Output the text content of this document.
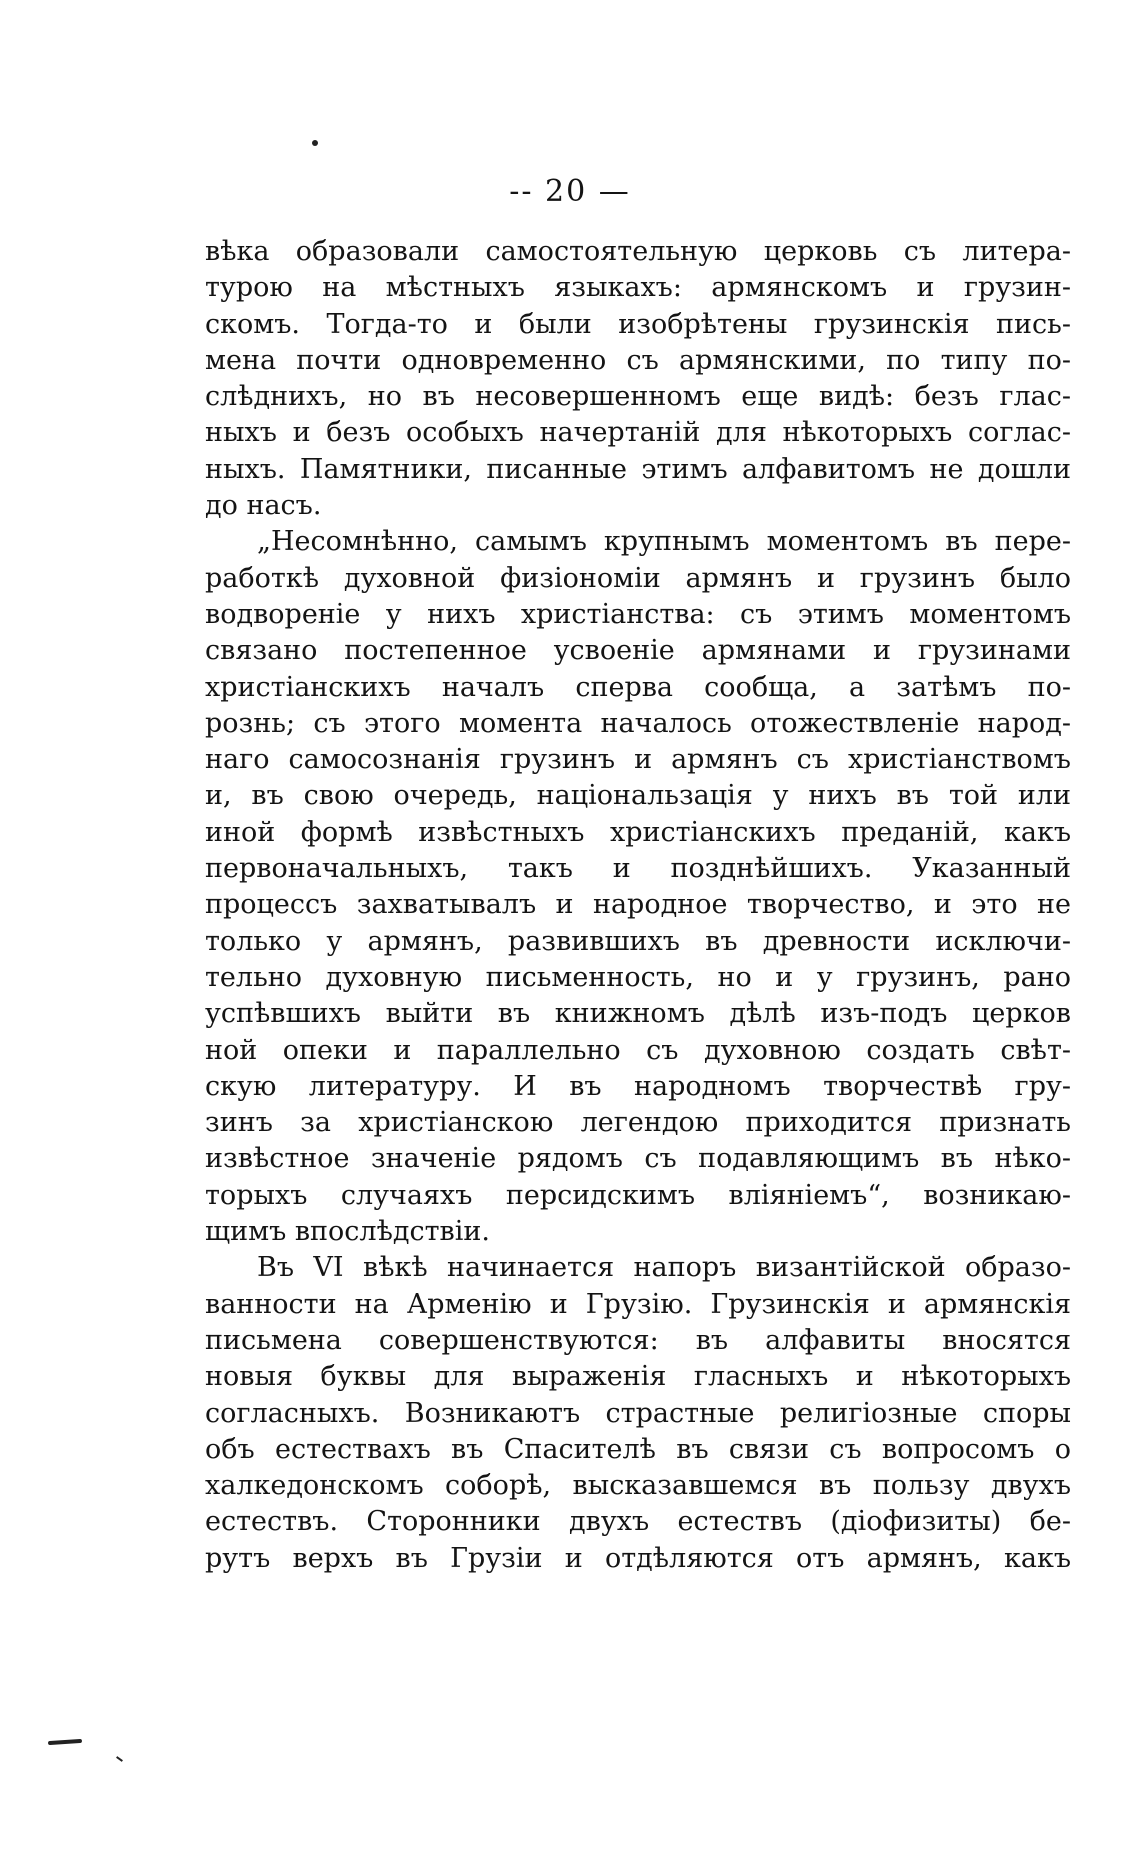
-- 20 —
вѣка образовали самостоятельную церковь съ литера-
турою на мѣстныхъ языкахъ: армянскомъ и грузин-
скомъ. Тогда-то и были изобрѣтены грузинскія пись-
мена почти одновременно съ армянскими, по типу по-
слѣднихъ, но въ несовершенномъ еще видѣ: безъ глас-
ныхъ и безъ особыхъ начертаній для нѣкоторыхъ соглас-
ныхъ. Памятники, писанные этимъ алфавитомъ не дошли
до насъ.
„Несомнѣнно, самымъ крупнымъ моментомъ въ пере-
работкѣ духовной физіономіи армянъ и грузинъ было
водвореніе у нихъ христіанства: съ этимъ моментомъ
связано постепенное усвоеніе армянами и грузинами
христіанскихъ началъ сперва сообща, а затѣмъ по-
рознь; съ этого момента началось отожествленіе народ-
наго самосознанія грузинъ и армянъ съ христіанствомъ
и, въ свою очередь, національзація у нихъ въ той или
иной формѣ извѣстныхъ христіанскихъ преданій, какъ
первоначальныхъ, такъ и позднѣйшихъ. Указанный
процессъ захватывалъ и народное творчество, и это не
только у армянъ, развившихъ въ древности исключи-
тельно духовную письменность, но и у грузинъ, рано
успѣвшихъ выйти въ книжномъ дѣлѣ изъ-подъ церков
ной опеки и параллельно съ духовною создать свѣт-
скую литературу. И въ народномъ творчествѣ гру-
зинъ за христіанскою легендою приходится признать
извѣстное значеніе рядомъ съ подавляющимъ въ нѣко-
торыхъ случаяхъ персидскимъ вліяніемъ“, возникаю-
щимъ впослѣдствіи.
Въ VI вѣкѣ начинается напоръ византійской образо-
ванности на Арменію и Грузію. Грузинскія и армянскія
письмена совершенствуются: въ алфавиты вносятся
новыя буквы для выраженія гласныхъ и нѣкоторыхъ
согласныхъ. Возникаютъ страстные религіозные споры
объ естествахъ въ Спасителѣ въ связи съ вопросомъ о
халкедонскомъ соборѣ, высказавшемся въ пользу двухъ
естествъ. Сторонники двухъ естествъ (діофизиты) бе-
рутъ верхъ въ Грузіи и отдѣляются отъ армянъ, какъ
